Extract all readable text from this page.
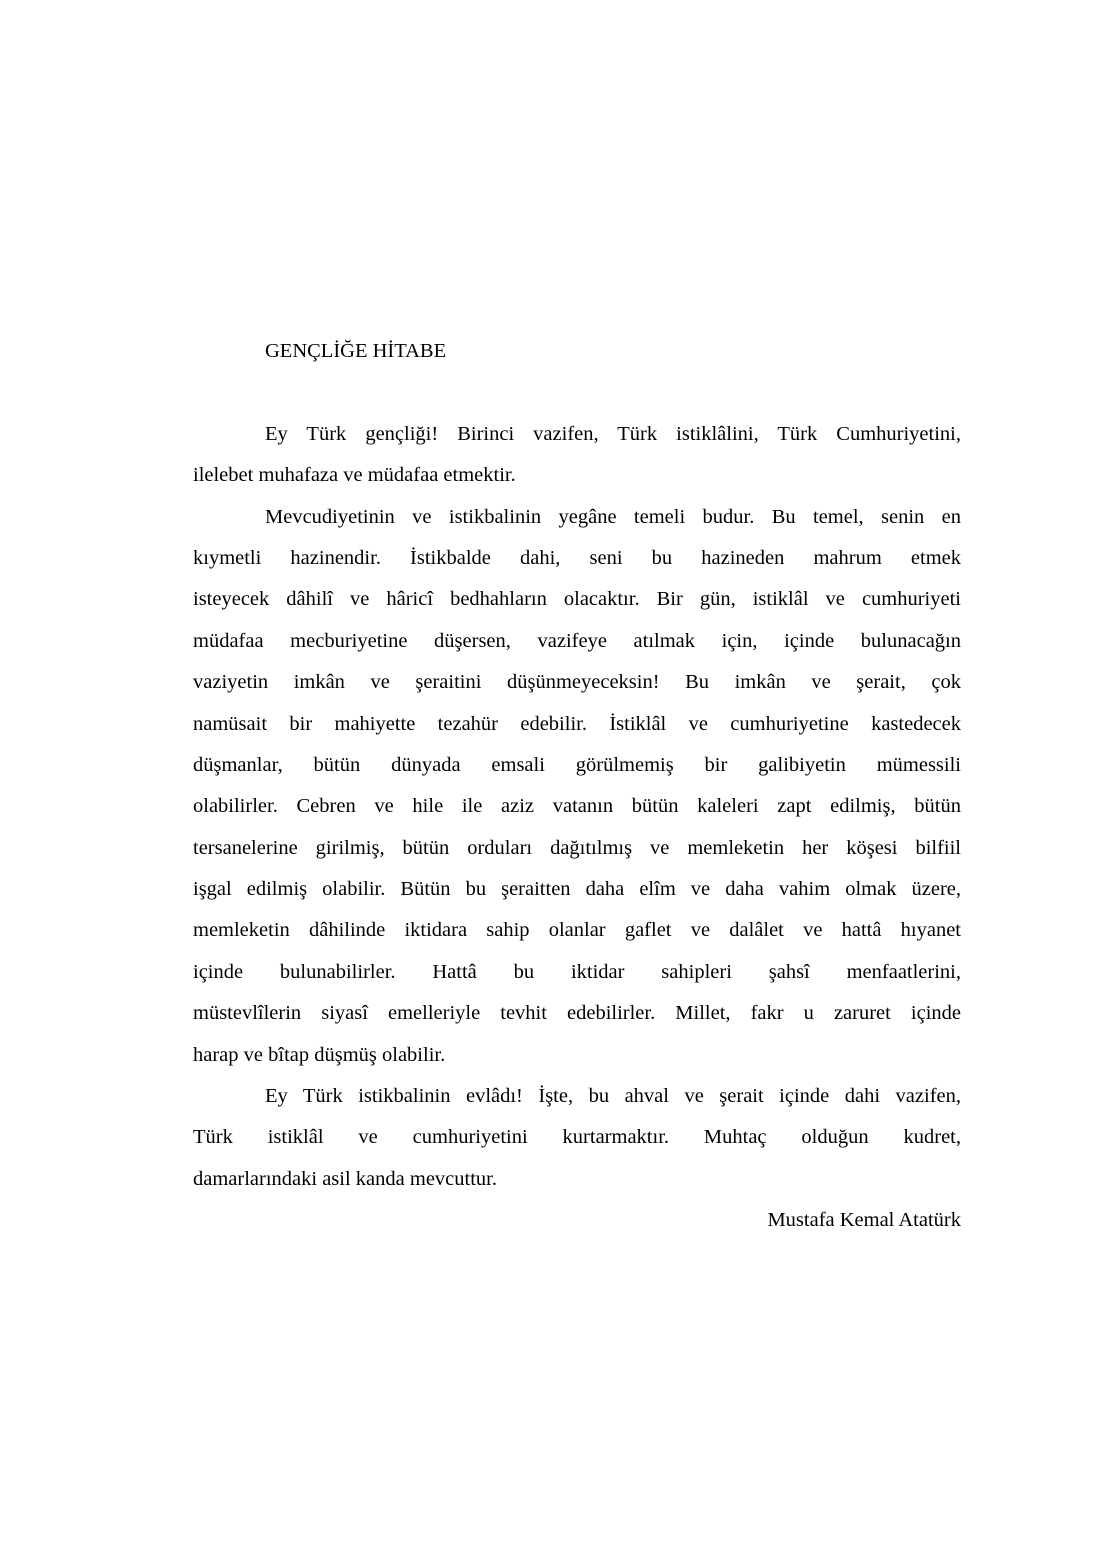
GENÇLİĞE HİTABE
Ey Türk gençliği! Birinci vazifen, Türk istiklâlini, Türk Cumhuriyetini,
ilelebet muhafaza ve müdafaa etmektir.
Mevcudiyetinin ve istikbalinin yegâne temeli budur. Bu temel, senin en
kıymetli hazinendir. İstikbalde dahi, seni bu hazineden mahrum etmek
isteyecek dâhilî ve hâricî bedhahların olacaktır. Bir gün, istiklâl ve cumhuriyeti
müdafaa mecburiyetine düşersen, vazifeye atılmak için, içinde bulunacağın
vaziyetin imkân ve şeraitini düşünmeyeceksin! Bu imkân ve şerait, çok
namüsait bir mahiyette tezahür edebilir. İstiklâl ve cumhuriyetine kastedecek
düşmanlar, bütün dünyada emsali görülmemiş bir galibiyetin mümessili
olabilirler. Cebren ve hile ile aziz vatanın bütün kaleleri zapt edilmiş, bütün
tersanelerine girilmiş, bütün orduları dağıtılmış ve memleketin her köşesi bilfiil
işgal edilmiş olabilir. Bütün bu şeraitten daha elîm ve daha vahim olmak üzere,
memleketin dâhilinde iktidara sahip olanlar gaflet ve dalâlet ve hattâ hıyanet
içinde bulunabilirler. Hattâ bu iktidar sahipleri şahsî menfaatlerini,
müstevlîlerin siyasî emelleriyle tevhit edebilirler. Millet, fakr u zaruret içinde
harap ve bîtap düşmüş olabilir.
Ey Türk istikbalinin evlâdı! İşte, bu ahval ve şerait içinde dahi vazifen,
Türk istiklâl ve cumhuriyetini kurtarmaktır. Muhtaç olduğun kudret,
damarlarındaki asil kanda mevcuttur.
Mustafa Kemal Atatürk
